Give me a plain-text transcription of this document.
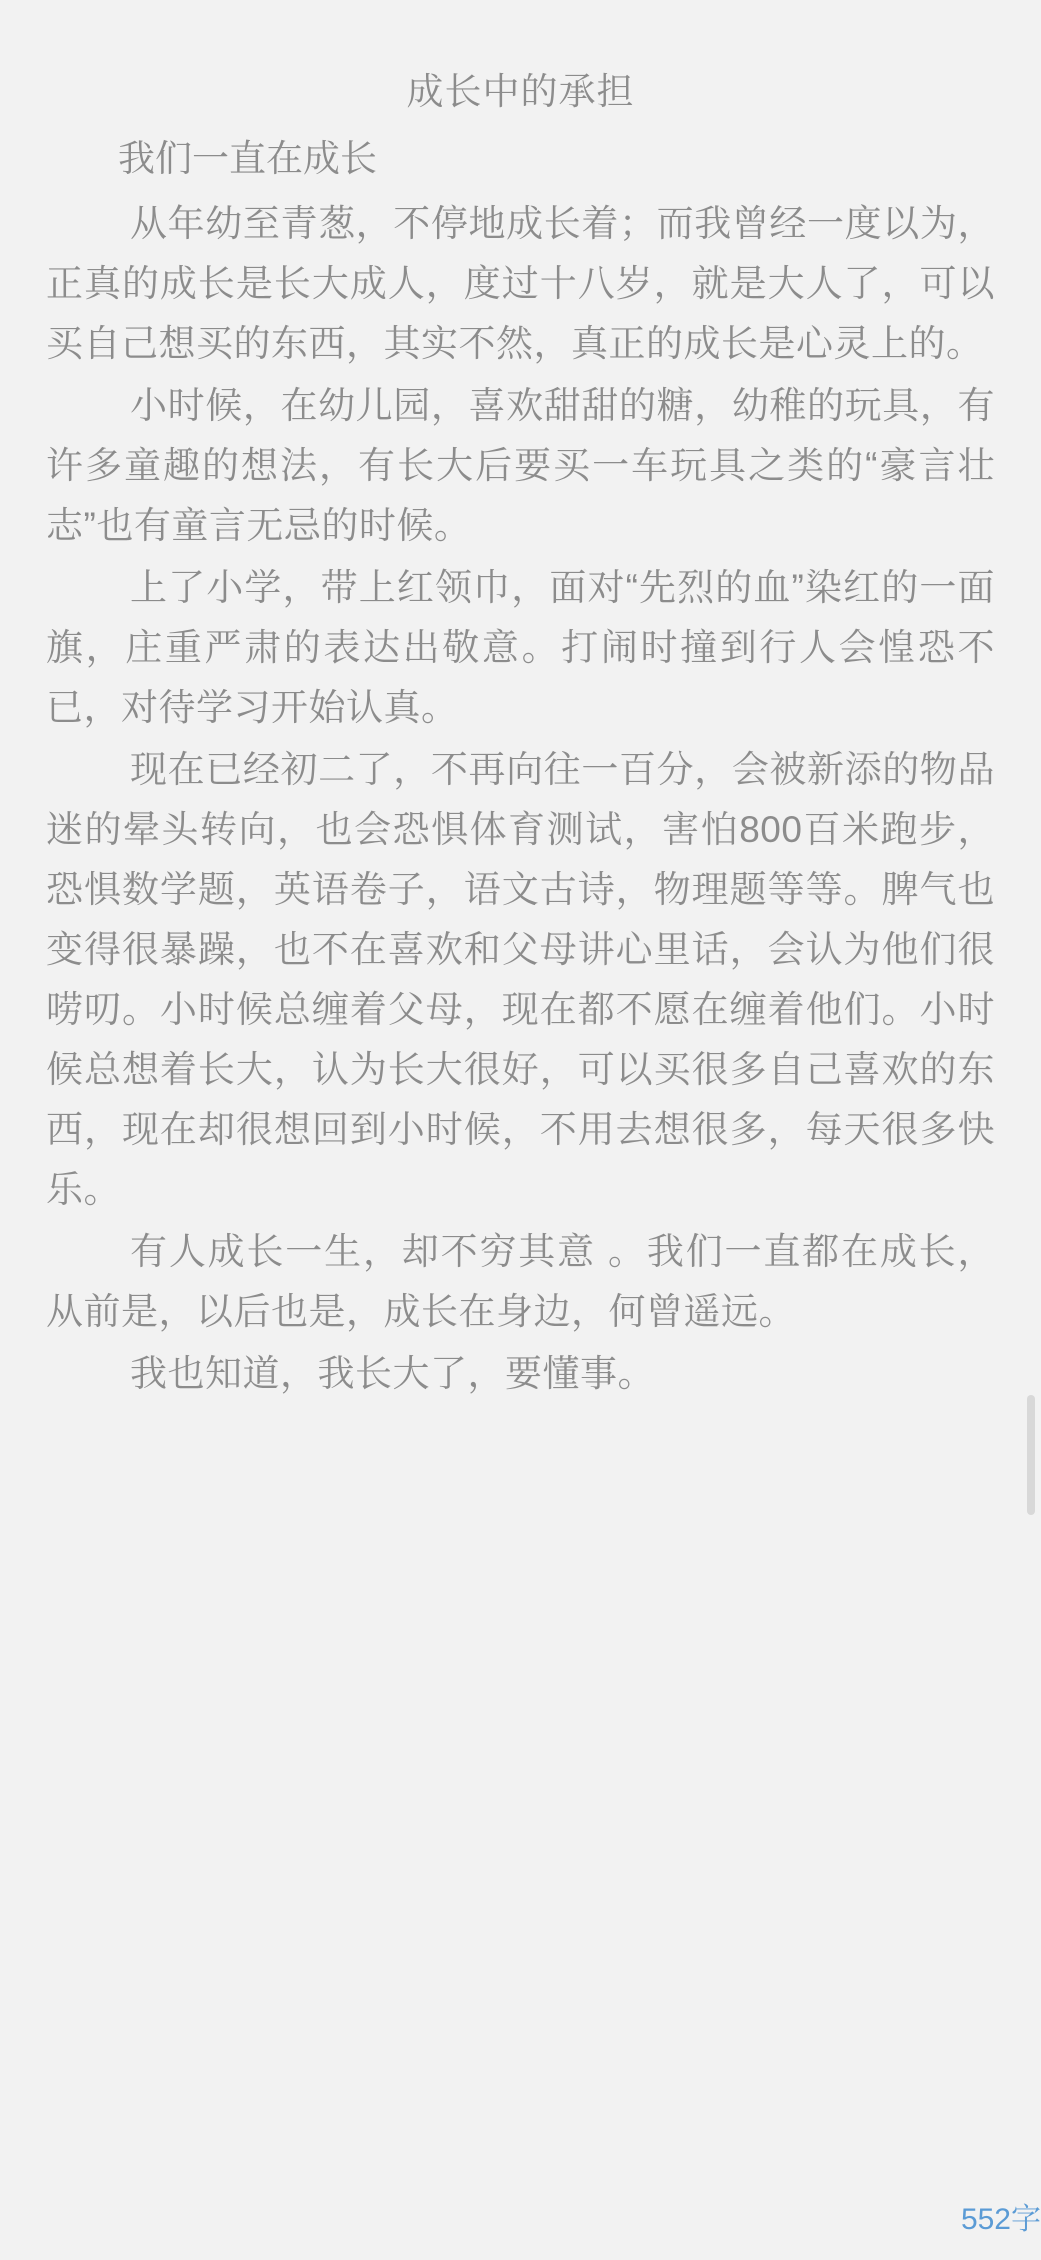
成长中的承担

我们一直在成长

从年幼至青葱，不停地成长着；而我曾经一度以为，正真的成长是长大成人，度过十八岁，就是大人了，可以买自己想买的东西，其实不然，真正的成长是心灵上的。

小时候，在幼儿园，喜欢甜甜的糖，幼稚的玩具，有许多童趣的想法，有长大后要买一车玩具之类的“豪言壮志”也有童言无忌的时候。

上了小学，带上红领巾，面对“先烈的血”染红的一面旗，庄重严肃的表达出敬意。打闹时撞到行人会惶恐不已，对待学习开始认真。

现在已经初二了，不再向往一百分，会被新添的物品迷的晕头转向，也会恐惧体育测试，害怕800百米跑步，恐惧数学题，英语卷子，语文古诗，物理题等等。脾气也变得很暴躁，也不在喜欢和父母讲心里话，会认为他们很唠叨。小时候总缠着父母，现在都不愿在缠着他们。小时候总想着长大，认为长大很好，可以买很多自己喜欢的东西，现在却很想回到小时候，不用去想很多，每天很多快乐。

有人成长一生，却不穷其意 。我们一直都在成长，从前是，以后也是，成长在身边，何曾遥远。

我也知道，我长大了，要懂事。

552字
